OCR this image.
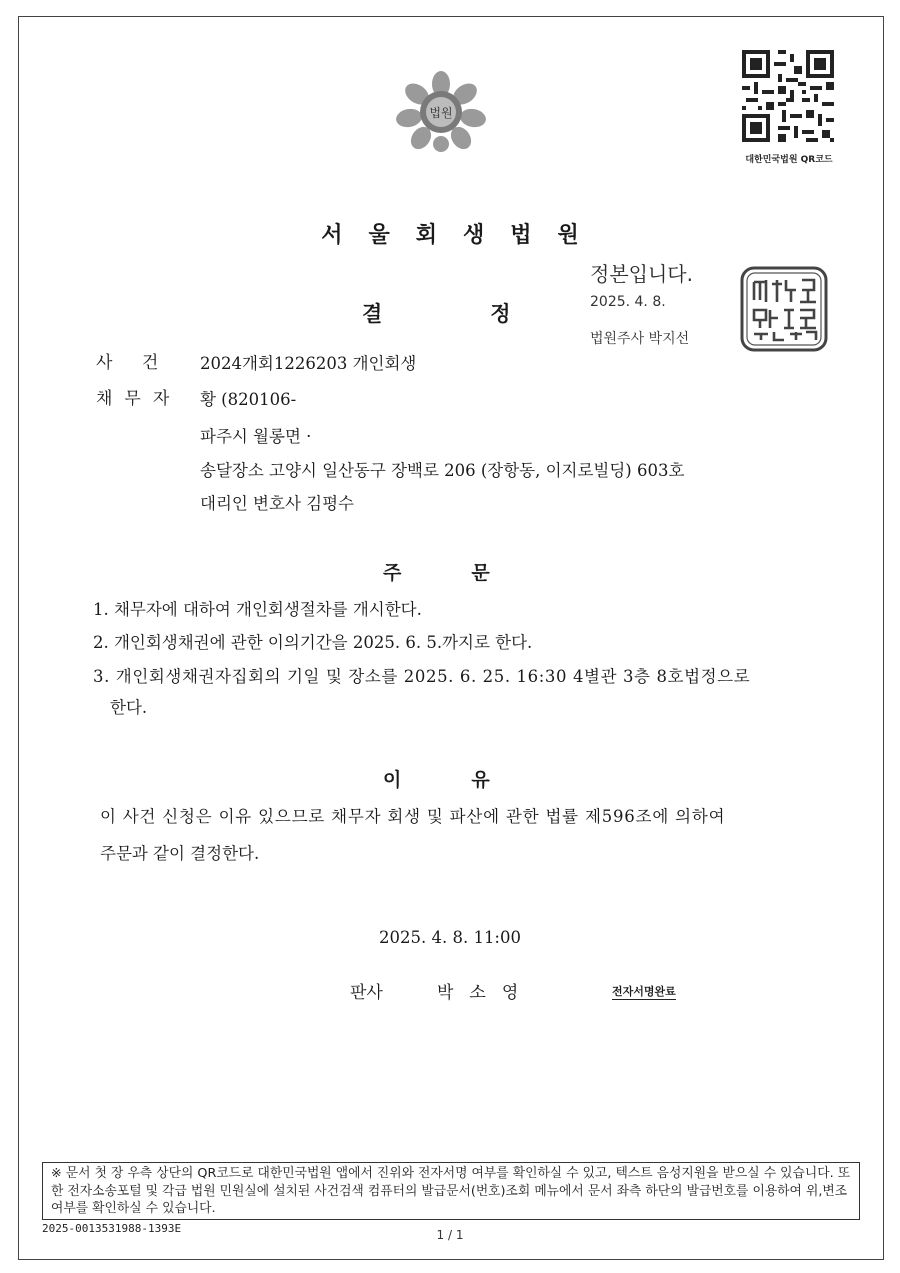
법원
대한민국법원 QR코드
서울회생법원
결	정
정본입니다.
2025. 4. 8.
법원주사 박지선
사 건 2024개회1226203 개인회생
채무자 황 (820106-
파주시 월롱면 ·
송달장소 고양시 일산동구 장백로 206 (장항동, 이지로빌딩) 603호
대리인 변호사 김평수
주	문
1. 채무자에 대하여 개인회생절차를 개시한다.
2. 개인회생채권에 관한 이의기간을 2025. 6. 5.까지로 한다.
3. 개인회생채권자집회의 기일 및 장소를 2025. 6. 25. 16:30 4별관 3층 8호법정으로
한다.
이	유
이 사건 신청은 이유 있으므로 채무자 회생 및 파산에 관한 법률 제596조에 의하여
주문과 같이 결정한다.
2025. 4. 8. 11:00
판사	박소영	전자서명완료
※ 문서 첫 장 우측 상단의 QR코드로 대한민국법원 앱에서 진위와 전자서명 여부를 확인하실 수 있고, 텍스트 음성지원을 받으실 수 있습니다. 또한 전자소송포털 및 각급 법원 민원실에 설치된 사건검색 컴퓨터의 발급문서(번호)조회 메뉴에서 문서 좌측 하단의 발급번호를 이용하여 위,변조 여부를 확인하실 수 있습니다.
2025-0013531988-1393E	1 / 1
